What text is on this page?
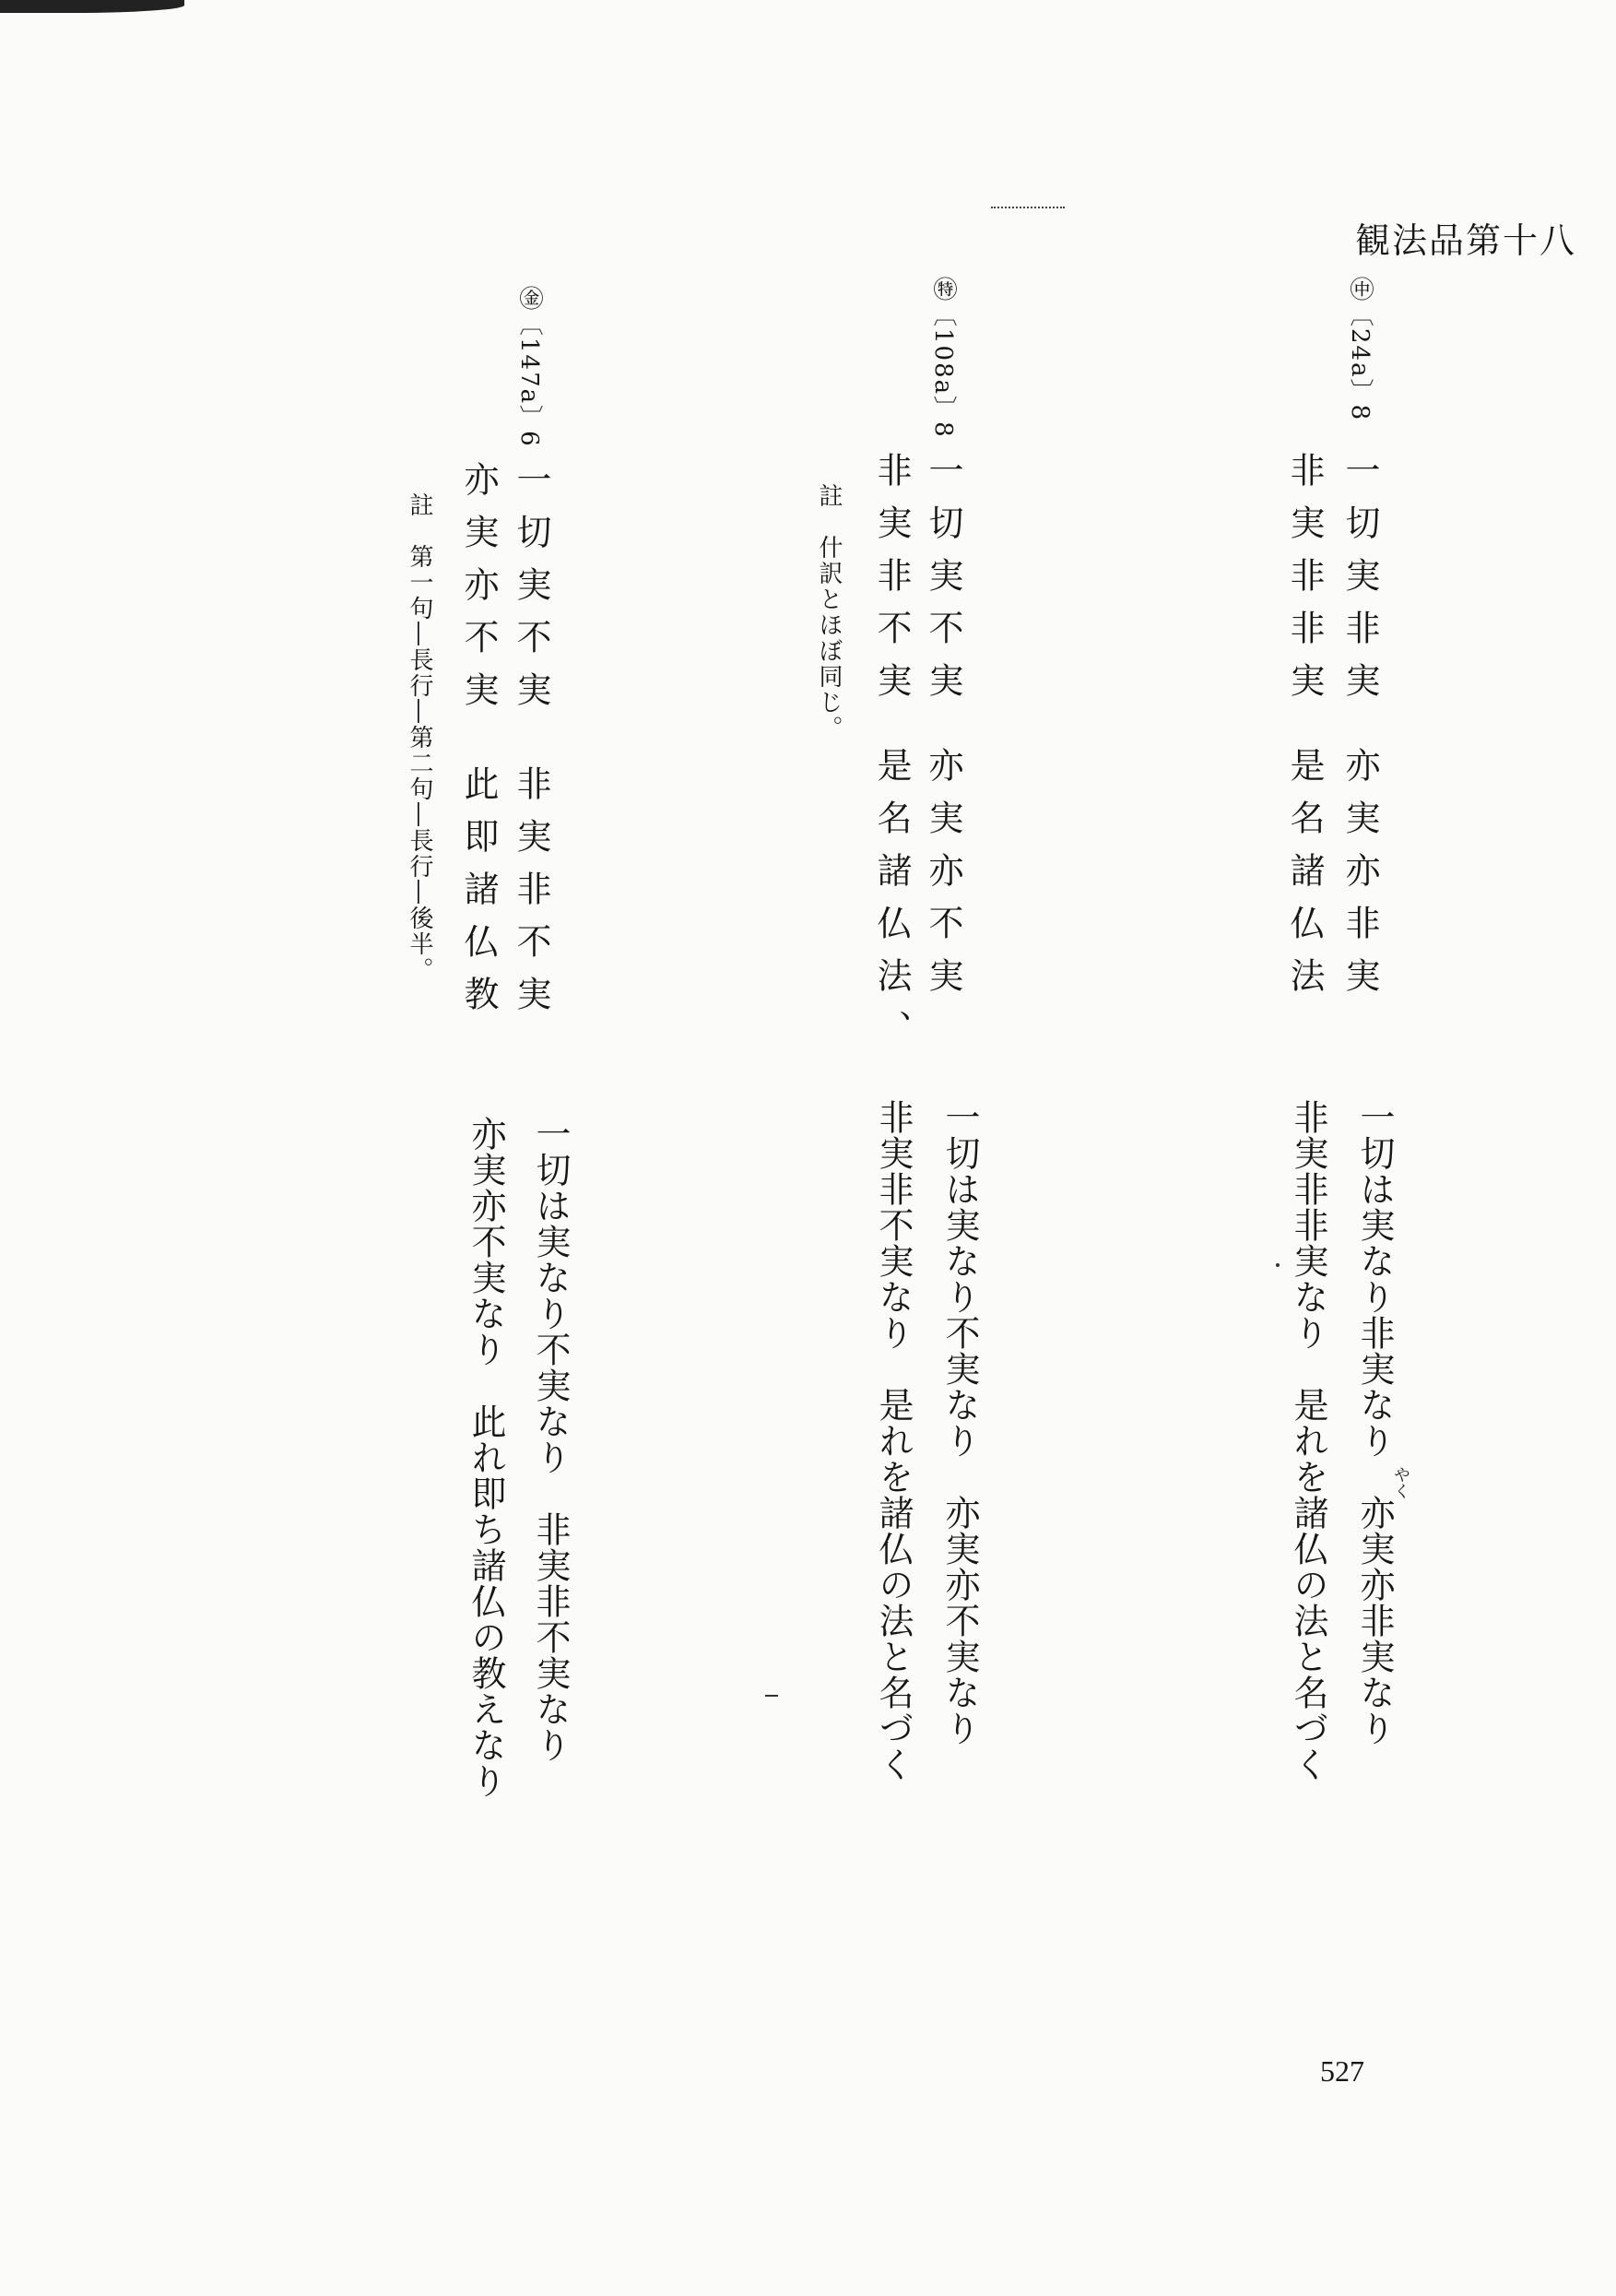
観法品第十八
㊥〔24a〕8
一切実非実
亦実亦非実
非実非非実
是名諸仏法
一切は実なり非実なり　亦実亦非実なり
やく
非実非非実なり　是れを諸仏の法と名づく
㊕〔108a〕8
一切実不実
亦実亦不実
非実非不実
是名諸仏法、
註　什訳とほぼ同じ。
一切は実なり不実なり　亦実亦不実なり
非実非不実なり　是れを諸仏の法と名づく
㊎〔147a〕6
一切実不実
非実非不実
亦実亦不実
此即諸仏教
註　第一句―長行―第二句―長行―後半。
一切は実なり不実なり　非実非不実なり
亦実亦不実なり　此れ即ち諸仏の教えなり
527
